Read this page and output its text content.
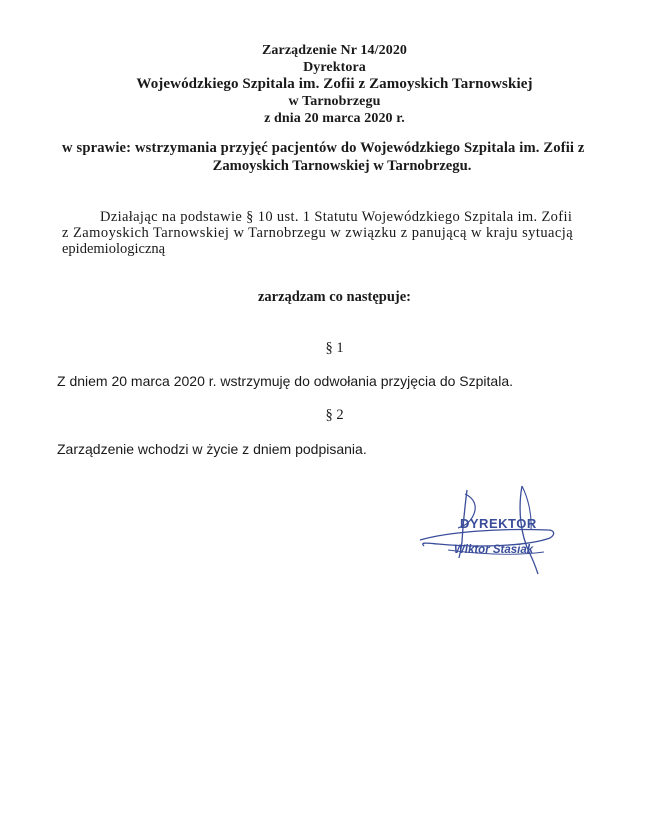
Zarządzenie Nr 14/2020
Dyrektora
Wojewódzkiego Szpitala im. Zofii z Zamoyskich Tarnowskiej
w Tarnobrzegu
z dnia 20 marca 2020 r.
w sprawie: wstrzymania przyjęć pacjentów do Wojewódzkiego Szpitala im. Zofii z
Zamoyskich Tarnowskiej w Tarnobrzegu.
Działając na podstawie § 10 ust. 1 Statutu Wojewódzkiego Szpitala im. Zofii
z Zamoyskich Tarnowskiej w Tarnobrzegu w związku z panującą w kraju sytuacją
epidemiologiczną
zarządzam co następuje:
§ 1
Z dniem 20 marca 2020 r. wstrzymuję do odwołania przyjęcia do Szpitala.
§ 2
Zarządzenie wchodzi w życie z dniem podpisania.
DYREKTOR
Wiktor Stasiak
